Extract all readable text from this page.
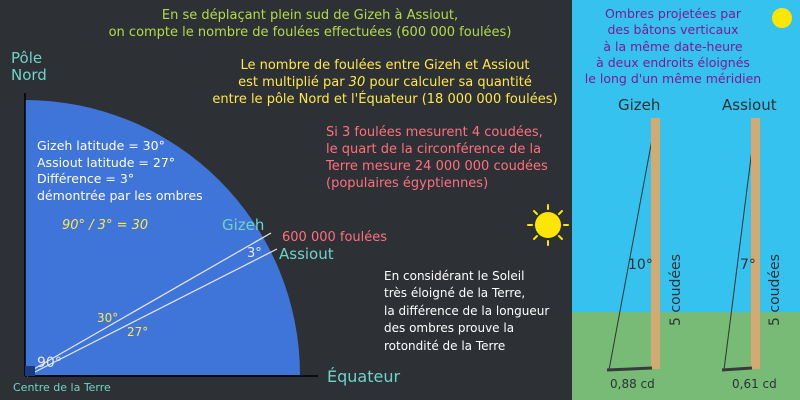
En se déplaçant plein sud de Gizeh à Assiout,
on compte le nombre de foulées effectuées (600 000 foulées)
Le nombre de foulées entre Gizeh et Assiout
est multiplié par 30 pour calculer sa quantité
entre le pôle Nord et l'Équateur (18 000 000 foulées)
Si 3 foulées mesurent 4 coudées,
le quart de la circonférence de la
Terre mesure 24 000 000 coudées
(populaires égyptiennes)
En considérant le Soleil
très éloigné de la Terre,
la différence de la longueur
des ombres prouve la
rotondité de la Terre
Pôle
Nord
Gizeh latitude = 30°
Assiout latitude = 27°
Différence = 3°
démontrée par les ombres
90° / 3° = 30	Gizeh
Assiout
3°
600 000 foulées
30°
27°
90°
Centre de la Terre
Équateur
Ombres projetées par
des bâtons verticaux
à la même date-heure
à deux endroits éloignés
le long d'un même méridien
Gizeh
10° 5 coudées
0,88 cd
Assiout
7° 5 coudées
0,61 cd
